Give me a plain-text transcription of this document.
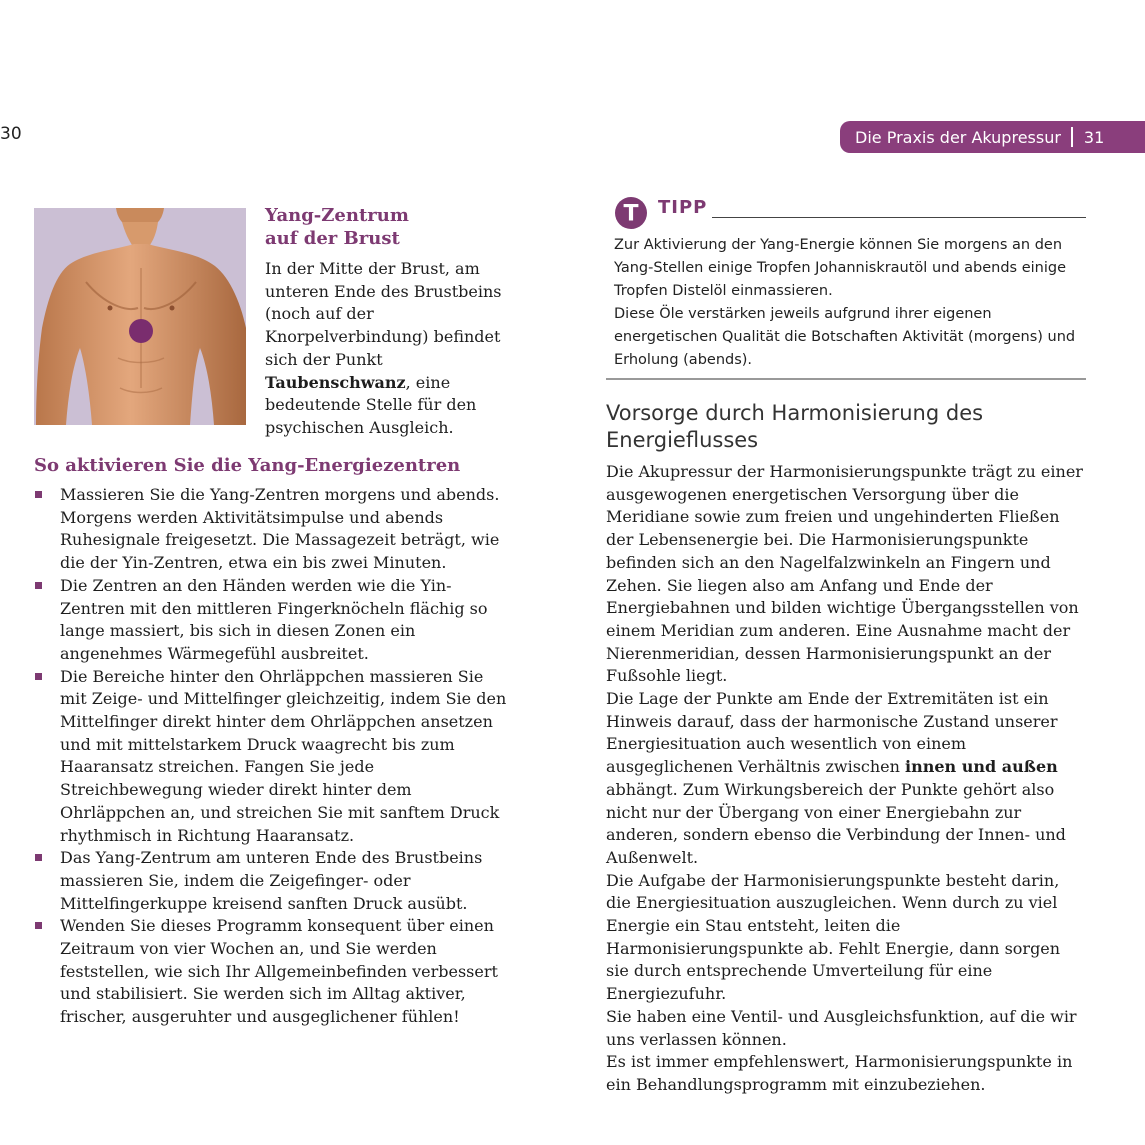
30	Die Praxis der Akupressur 31
Yang-Zentrum
auf der Brust
In der Mitte der Brust, am unteren Ende des Brustbeins (noch auf der Knorpelverbindung) befindet sich der Punkt Taubenschwanz, eine bedeutende Stelle für den psychischen Ausgleich.
So aktivieren Sie die Yang-Energiezentren
Massieren Sie die Yang-Zentren morgens und abends. Morgens werden Aktivitätsimpulse und abends Ruhesignale freigesetzt. Die Massagezeit beträgt, wie die der Yin-Zentren, etwa ein bis zwei Minuten.
Die Zentren an den Händen werden wie die Yin-Zentren mit den mittleren Fingerknöcheln flächig so lange massiert, bis sich in diesen Zonen ein angenehmes Wärmegefühl ausbreitet.
Die Bereiche hinter den Ohrläppchen massieren Sie mit Zeige- und Mittelfinger gleichzeitig, indem Sie den Mittelfinger direkt hinter dem Ohrläppchen ansetzen und mit mittelstarkem Druck waagrecht bis zum Haaransatz streichen. Fangen Sie jede Streichbewegung wieder direkt hinter dem Ohrläppchen an, und streichen Sie mit sanftem Druck rhythmisch in Richtung Haaransatz.
Das Yang-Zentrum am unteren Ende des Brustbeins massieren Sie, indem die Zeigefinger- oder Mittelfingerkuppe kreisend sanften Druck ausübt.
Wenden Sie dieses Programm konsequent über einen Zeitraum von vier Wochen an, und Sie werden feststellen, wie sich Ihr Allgemeinbefinden verbessert und stabilisiert. Sie werden sich im Alltag aktiver, frischer, ausgeruhter und ausgeglichener fühlen!
T TIPP
Zur Aktivierung der Yang-Energie können Sie morgens an den Yang-Stellen einige Tropfen Johanniskrautöl und abends einige Tropfen Distelöl einmassieren.
Diese Öle verstärken jeweils aufgrund ihrer eigenen energetischen Qualität die Botschaften Aktivität (morgens) und Erholung (abends).
Vorsorge durch Harmonisierung des Energieflusses

Die Akupressur der Harmonisierungspunkte trägt zu einer ausgewogenen energetischen Versorgung über die Meridiane sowie zum freien und ungehinderten Fließen der Lebensenergie bei. Die Harmonisierungspunkte befinden sich an den Nagelfalzwinkeln an Fingern und Zehen. Sie liegen also am Anfang und Ende der Energiebahnen und bilden wichtige Übergangsstellen von einem Meridian zum anderen. Eine Ausnahme macht der Nierenmeridian, dessen Harmonisierungspunkt an der Fußsohle liegt.

Die Lage der Punkte am Ende der Extremitäten ist ein Hinweis darauf, dass der harmonische Zustand unserer Energiesituation auch wesentlich von einem ausgeglichenen Verhältnis zwischen innen und außen abhängt. Zum Wirkungsbereich der Punkte gehört also nicht nur der Übergang von einer Energiebahn zur anderen, sondern ebenso die Verbindung der Innen- und Außenwelt.

Die Aufgabe der Harmonisierungspunkte besteht darin, die Energiesituation auszugleichen. Wenn durch zu viel Energie ein Stau entsteht, leiten die Harmonisierungspunkte ab. Fehlt Energie, dann sorgen sie durch entsprechende Umverteilung für eine Energiezufuhr.

Sie haben eine Ventil- und Ausgleichsfunktion, auf die wir uns verlassen können.

Es ist immer empfehlenswert, Harmonisierungspunkte in ein Behandlungsprogramm mit einzubeziehen.
